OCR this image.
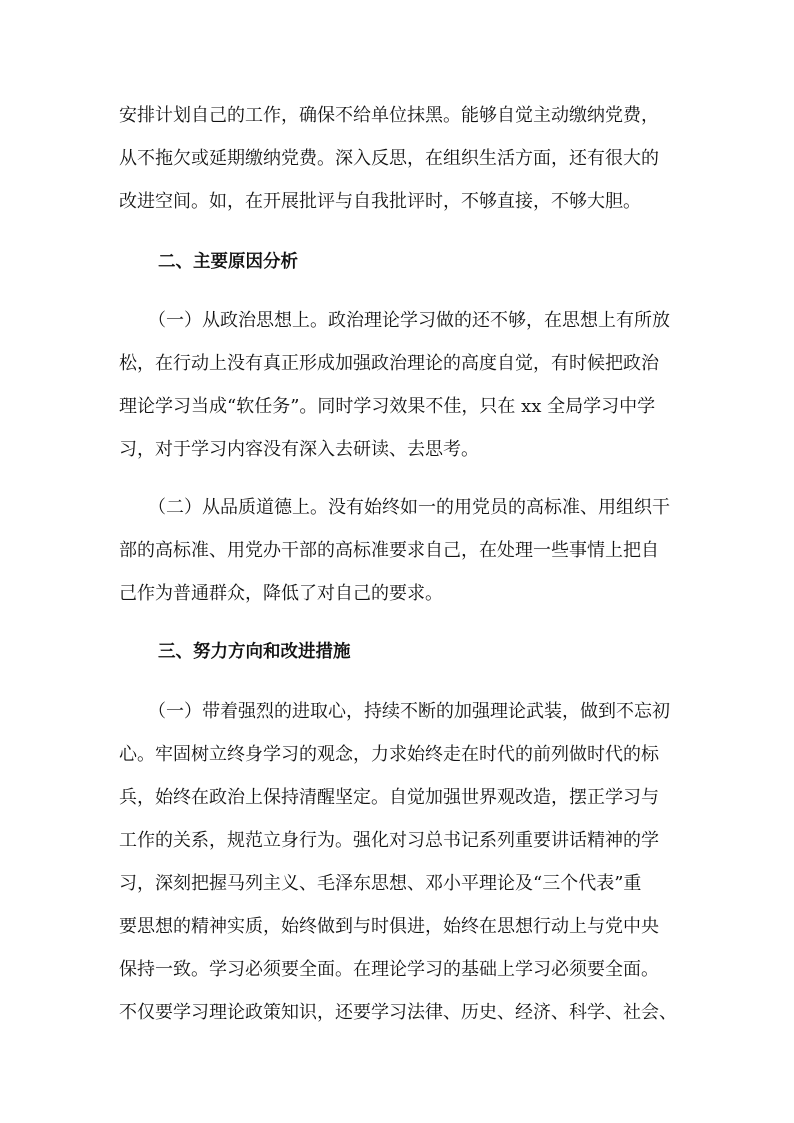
安排计划自己的工作，确保不给单位抹黑。能够自觉主动缴纳党费，
从不拖欠或延期缴纳党费。深入反思，在组织生活方面，还有很大的
改进空间。如，在开展批评与自我批评时，不够直接，不够大胆。
二、主要原因分析
（一）从政治思想上。政治理论学习做的还不够，在思想上有所放
松，在行动上没有真正形成加强政治理论的高度自觉，有时候把政治
理论学习当成“软任务”。同时学习效果不佳，只在 xx 全局学习中学
习，对于学习内容没有深入去研读、去思考。
（二）从品质道德上。没有始终如一的用党员的高标准、用组织干
部的高标准、用党办干部的高标准要求自己，在处理一些事情上把自
己作为普通群众，降低了对自己的要求。
三、努力方向和改进措施
（一）带着强烈的进取心，持续不断的加强理论武装，做到不忘初
心。牢固树立终身学习的观念，力求始终走在时代的前列做时代的标
兵，始终在政治上保持清醒坚定。自觉加强世界观改造，摆正学习与
工作的关系，规范立身行为。强化对习总书记系列重要讲话精神的学
习，深刻把握马列主义、毛泽东思想、邓小平理论及“三个代表”重
要思想的精神实质，始终做到与时俱进，始终在思想行动上与党中央
保持一致。学习必须要全面。在理论学习的基础上学习必须要全面。
不仅要学习理论政策知识，还要学习法律、历史、经济、科学、社会、
